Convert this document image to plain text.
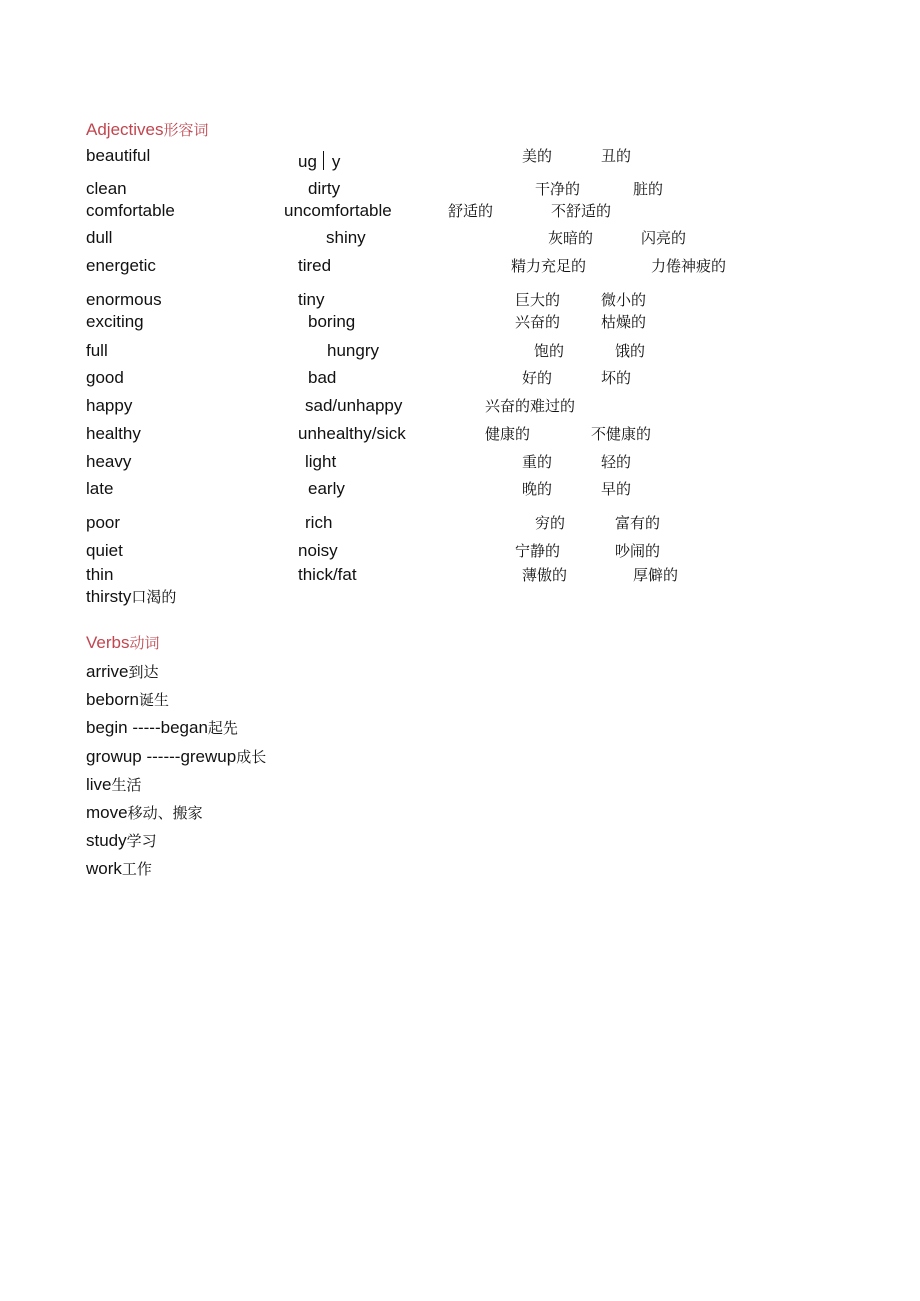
Adjectives形容词
beautiful	ug y	美的	丑的
clean	dirty	干净的	脏的
comfortable	uncomfortable	舒适的	不舒适的
dull	shiny	灰暗的	闪亮的
energetic	tired	精力充足的	力倦神疲的
enormous	tiny	巨大的	微小的
exciting	boring	兴奋的	枯燥的
full	hungry	饱的	饿的
good	bad	好的	坏的
happy	sad/unhappy	兴奋的难过的
healthy	unhealthy/sick	健康的	不健康的
heavy	light	重的	轻的
late	early	晚的	早的
poor	rich	穷的	富有的
quiet	noisy	宁静的	吵闹的
thin	thick/fat	薄傲的	厚僻的
thirsty口渴的
Verbs动词
arrive到达
beborn诞生
begin -----began起先
growup ------grewup成长
live生活
move移动、搬家
study学习
work工作
